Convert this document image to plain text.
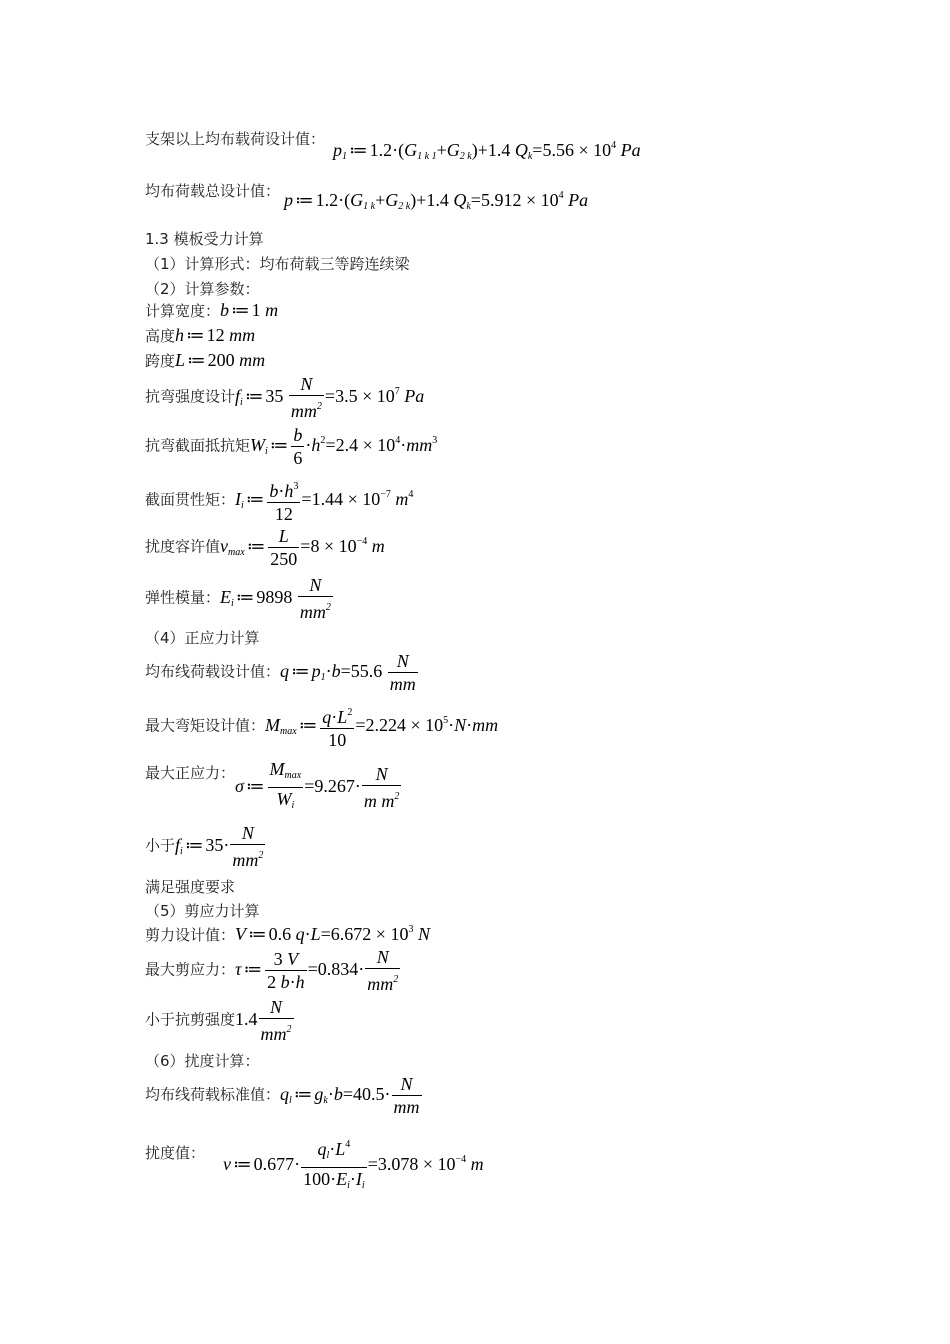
支架以上均布载荷设计值： $p_1$ ≔ $1.2\cdot(G_{1 k 1}+G_{2 k})+1.4$ $Q_k=5.56 \times 10^4$ Pa
均布荷载总设计值： p ≔ $1.2\cdot(G_{1 k}+G_{2 k})+1.4$ $Q_k=5.912 \times 10^4$ Pa
1.3 模板受力计算
（1）计算形式：均布荷载三等跨连续梁
（2）计算参数：
计算宽度：b ≔ 1 m
高度h ≔ 12 mm
跨度L ≔ 200 mm
抗弯强度设计$f_i$ ≔ $35 \frac{N}{mm^2} =3.5 \times 10^7$ Pa
抗弯截面抵抗矩$W_i$ ≔ $\frac{b}{6} \cdot h^2=2.4 \times 10^4\cdot mm^3$
截面贯性矩：$I_i$ ≔ $\frac{b\cdot h^3}{12} =1.44 \times 10^{-7}$ $m^4$
扰度容许值$v_{max}$ ≔ $\frac{L}{250} =8 \times 10^{-4}$ m
弹性模量：$E_i$ ≔ $9898 \frac{N}{mm^2}$
（4）正应力计算
均布线荷载设计值：q ≔ $p_1\cdot b=55.6 \frac{N}{mm}$
最大弯矩设计值：$M_{max}$ ≔ $\frac{q\cdot L^2}{10} =2.224 \times 10^5\cdot N\cdot mm$
最大正应力：σ ≔ $\frac{M_{max}}{W_i} =9.267\cdot \frac{N}{m m^2}$
小于$f_i$ ≔ $35\cdot \frac{N}{mm^2}$
满足强度要求
（5）剪应力计算
剪力设计值：V ≔ 0.6 $q\cdot L=6.672 \times 10^3$ N
最大剪应力：τ ≔ $\frac{3 V}{2 b\cdot h} =0.834\cdot \frac{N}{mm^2}$
小于抗剪强度$1.4 \frac{N}{mm^2}$
（6）扰度计算：
均布线荷载标准值：$q_l$ ≔ $g_k\cdot b=40.5\cdot \frac{N}{mm}$
扰度值：v ≔ $0.677\cdot \frac{q_l\cdot L^4}{100\cdot E_i\cdot I_i} =3.078 \times 10^{-4}$ m
